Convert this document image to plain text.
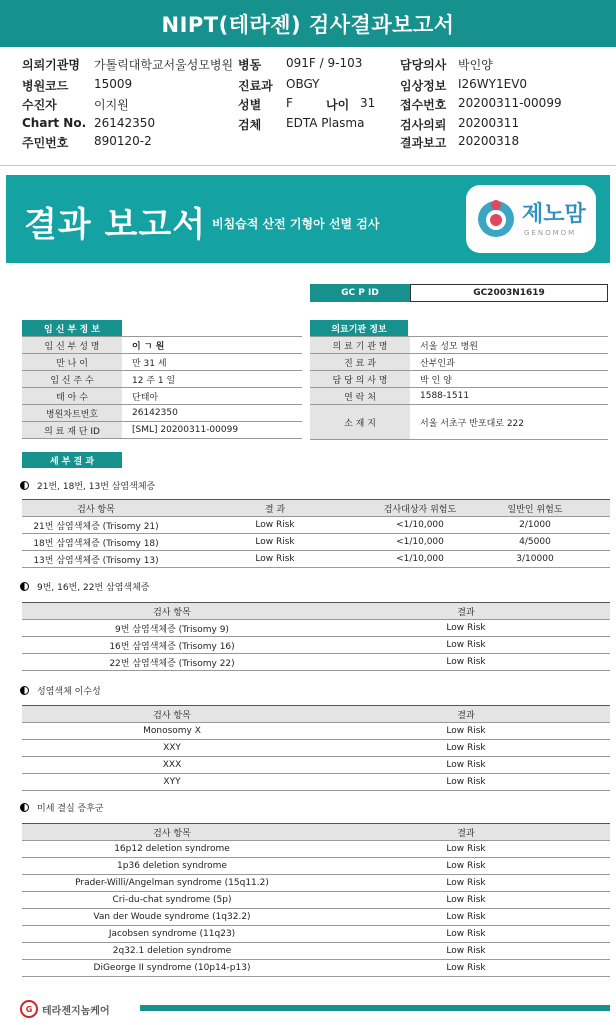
NIPT(테라젠) 검사결과보고서
의뢰기관명 가톨릭대학교서울성모병원
병원코드 15009
수진자	이지원
Chart No. 26142350
주민번호 890120-2
병동 091F / 9-103
진료과 OBGY
성별 F	나이 31
검체 EDTA Plasma
담당의사 박인양
임상정보 I26WY1EV0
접수번호 20200311-00099
검사의뢰 20200311
결과보고 20200318
결과 보고서 비침습적 산전 기형아 선별 검사	제노맘
GENOMOM
GC P ID	GC2003N1619
임 신 부 정 보
임 신 부 성 명	이 ㄱ 원
만 나 이	만 31 세
임 신 주 수	12 주 1 일
태 아 수	단태아
병원차트번호	26142350
의 료 재 단 ID	[SML] 20200311-00099
의료기관 정보
의 료 기 관 명	서울 성모 병원
진 료 과	산부인과
담 당 의 사 명	박 인 양
연 락 처	1588-1511
소 재 지	서울 서초구 반포대로 222
세 부 결 과
21번, 18번, 13번 삼염색체증
검사 항목	결 과	검사대상자 위험도	일반인 위험도
21번 삼염색체증 (Trisomy 21)	Low Risk	<1/10,000	2/1000
18번 삼염색체증 (Trisomy 18)	Low Risk	<1/10,000	4/5000
13번 삼염색체증 (Trisomy 13)	Low Risk	<1/10,000	3/10000
9번, 16번, 22번 삼염색체증
검사 항목	결과
9번 삼염색체증 (Trisomy 9)	Low Risk
16번 삼염색체증 (Trisomy 16)	Low Risk
22번 삼염색체증 (Trisomy 22)	Low Risk
성염색체 이수성
검사 항목	결과
Monosomy X	Low Risk
XXY	Low Risk
XXX	Low Risk
XYY	Low Risk
미세 결실 증후군
검사 항목	결과
16p12 deletion syndrome	Low Risk
1p36 deletion syndrome	Low Risk
Prader-Willi/Angelman syndrome (15q11.2)	Low Risk
Cri-du-chat syndrome (5p)	Low Risk
Van der Woude syndrome (1q32.2)	Low Risk
Jacobsen syndrome (11q23)	Low Risk
2q32.1 deletion syndrome	Low Risk
DiGeorge II syndrome (10p14-p13)	Low Risk
G 테라젠지놈케어
